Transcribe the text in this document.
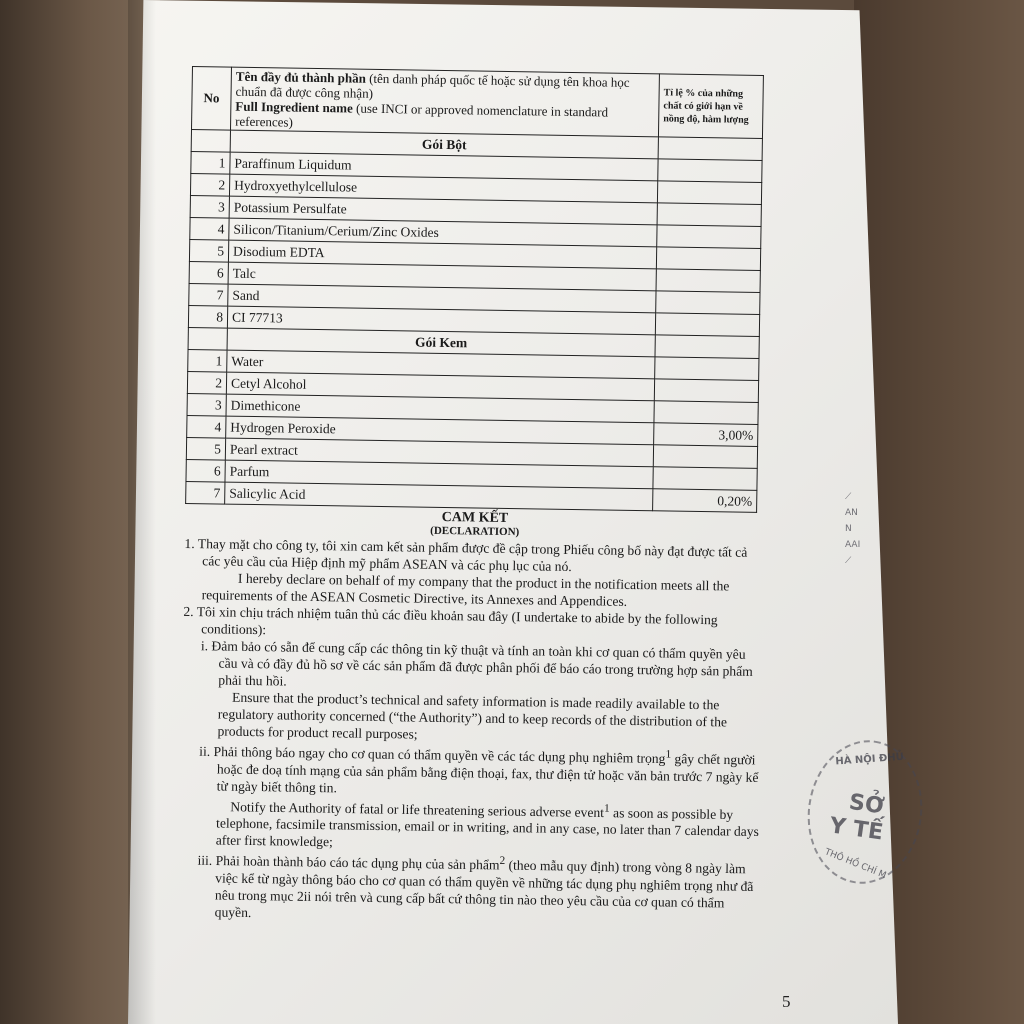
No	Tên đầy đủ thành phần (tên danh pháp quốc tế hoặc sử dụng tên khoa học chuẩn đã được công nhận)
Full Ingredient name (use INCI or approved nomenclature in standard references)	Tỉ lệ % của những chất có giới hạn về nồng độ, hàm lượng
	Gói Bột	
1	Paraffinum Liquidum	
2	Hydroxyethylcellulose	
3	Potassium Persulfate	
4	Silicon/Titanium/Cerium/Zinc Oxides	
5	Disodium EDTA	
6	Talc	
7	Sand	
8	CI 77713	
	Gói Kem	
1	Water	
2	Cetyl Alcohol	
3	Dimethicone	
4	Hydrogen Peroxide	3,00%
5	Pearl extract	
6	Parfum	
7	Salicylic Acid	0,20%
CAM KẾT
(DECLARATION)

1. Thay mặt cho công ty, tôi xin cam kết sản phẩm được đề cập trong Phiếu công bố này đạt được tất cả các yêu cầu của Hiệp định mỹ phẩm ASEAN và các phụ lục của nó.

I hereby declare on behalf of my company that the product in the notification meets all the requirements of the ASEAN Cosmetic Directive, its Annexes and Appendices.

2. Tôi xin chịu trách nhiệm tuân thủ các điều khoản sau đây (I undertake to abide by the following conditions):

i. Đảm bảo có sẵn để cung cấp các thông tin kỹ thuật và tính an toàn khi cơ quan có thẩm quyền yêu cầu và có đầy đủ hồ sơ về các sản phẩm đã được phân phối để báo cáo trong trường hợp sản phẩm phải thu hồi.

Ensure that the product’s technical and safety information is made readily available to the regulatory authority concerned (“the Authority”) and to keep records of the distribution of the products for product recall purposes;

ii. Phải thông báo ngay cho cơ quan có thẩm quyền về các tác dụng phụ nghiêm trọng$^1$ gây chết người hoặc đe doạ tính mạng của sản phẩm bằng điện thoại, fax, thư điện tử hoặc văn bản trước 7 ngày kể từ ngày biết thông tin.

Notify the Authority of fatal or life threatening serious adverse event$^1$ as soon as possible by telephone, facsimile transmission, email or in writing, and in any case, no later than 7 calendar days after first knowledge;

iii. Phải hoàn thành báo cáo tác dụng phụ của sản phẩm$^2$ (theo mẫu quy định) trong vòng 8 ngày làm việc kể từ ngày thông báo cho cơ quan có thẩm quyền về những tác dụng phụ nghiêm trọng như đã nêu trong mục 2ii nói trên và cung cấp bất cứ thông tin nào theo yêu cầu của cơ quan có thẩm quyền.

⟋
AN
N
AAI
⟋
HÀ NỘI ĐHỦ
SỞ
Y TẾ
THÔ HỒ CHÍ M
5
